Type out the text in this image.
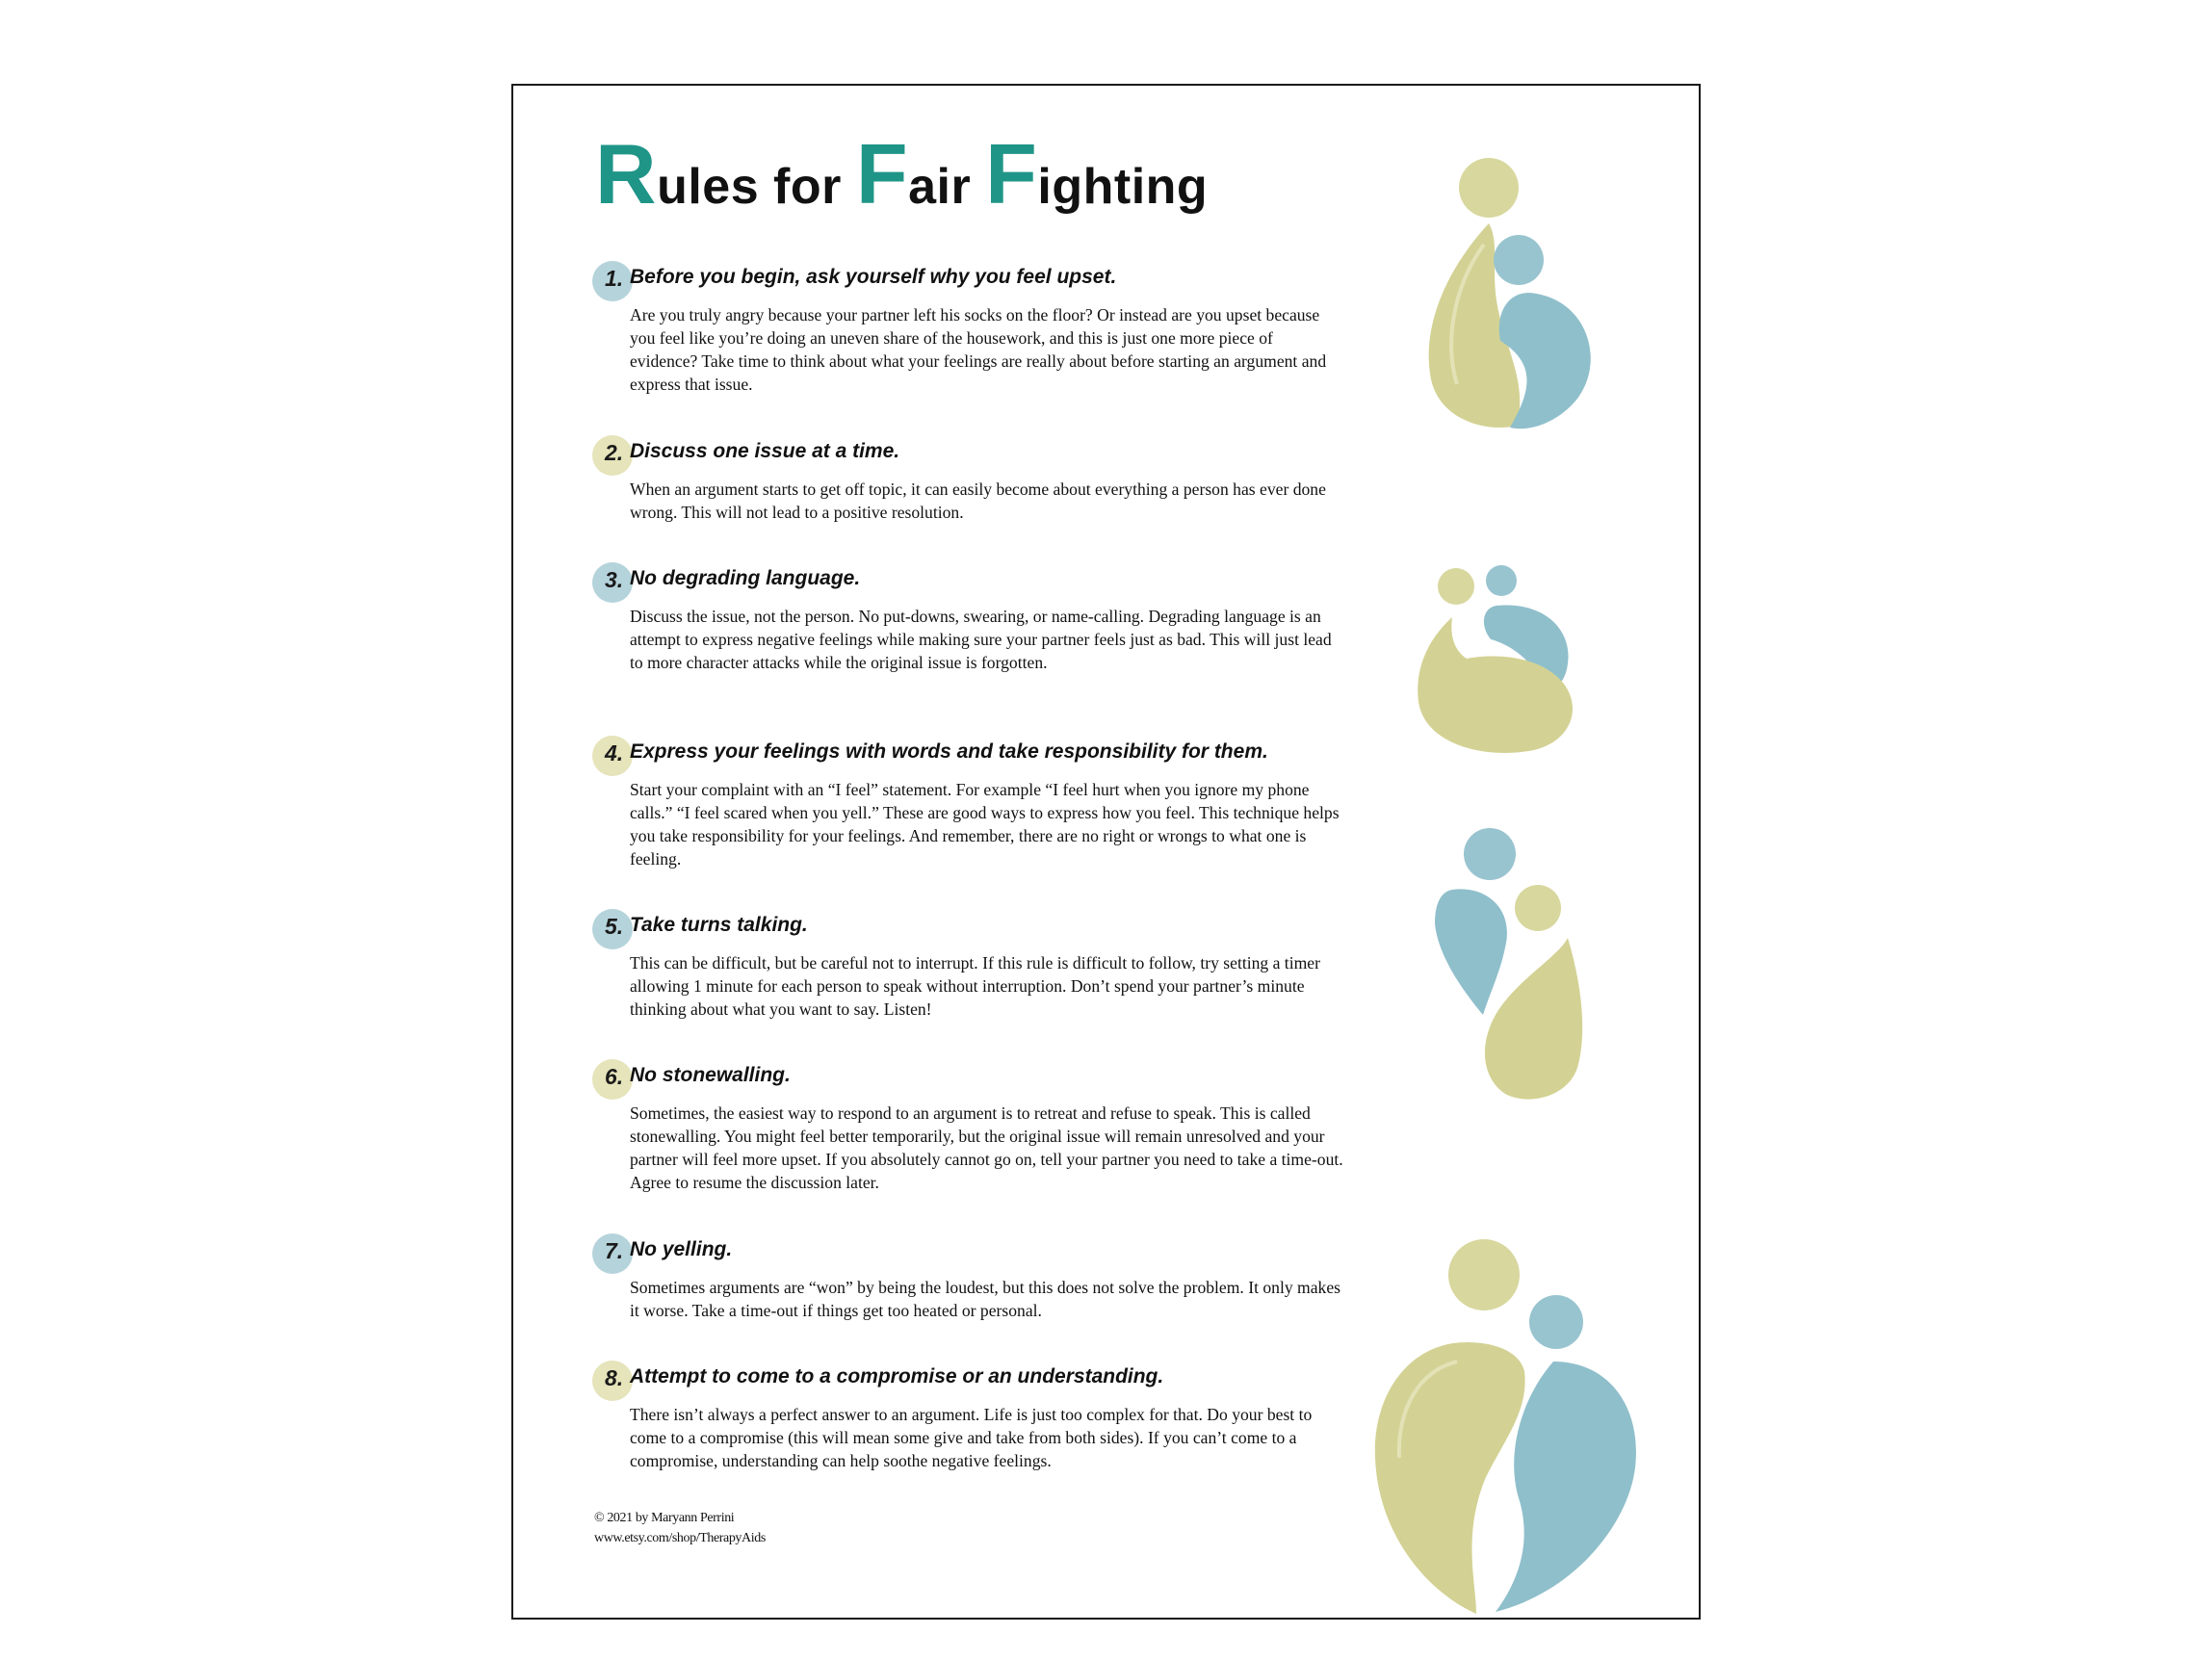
Rules for Fair Fighting
1. Before you begin, ask yourself why you feel upset.

Are you truly angry because your partner left his socks on the floor? Or instead are you upset because you feel like you’re doing an uneven share of the housework, and this is just one more piece of evidence? Take time to think about what your feelings are really about before starting an argument and express that issue.

2. Discuss one issue at a time.

When an argument starts to get off topic, it can easily become about everything a person has ever done wrong. This will not lead to a positive resolution.

3. No degrading language.

Discuss the issue, not the person. No put-downs, swearing, or name-calling. Degrading language is an attempt to express negative feelings while making sure your partner feels just as bad. This will just lead to more character attacks while the original issue is forgotten.

4. Express your feelings with words and take responsibility for them.

Start your complaint with an “I feel” statement. For example “I feel hurt when you ignore my phone calls.” “I feel scared when you yell.” These are good ways to express how you feel. This technique helps you take responsibility for your feelings. And remember, there are no right or wrongs to what one is feeling.

5. Take turns talking.

This can be difficult, but be careful not to interrupt. If this rule is difficult to follow, try setting a timer allowing 1 minute for each person to speak without interruption. Don’t spend your partner’s minute thinking about what you want to say. Listen!

6. No stonewalling.

Sometimes, the easiest way to respond to an argument is to retreat and refuse to speak. This is called stonewalling. You might feel better temporarily, but the original issue will remain unresolved and your partner will feel more upset. If you absolutely cannot go on, tell your partner you need to take a time-out. Agree to resume the discussion later.

7. No yelling.

Sometimes arguments are “won” by being the loudest, but this does not solve the problem. It only makes it worse. Take a time-out if things get too heated or personal.

8. Attempt to come to a compromise or an understanding.

There isn’t always a perfect answer to an argument. Life is just too complex for that. Do your best to come to a compromise (this will mean some give and take from both sides). If you can’t come to a compromise, understanding can help soothe negative feelings.

© 2021 by Maryann Perrini
www.etsy.com/shop/TherapyAids
